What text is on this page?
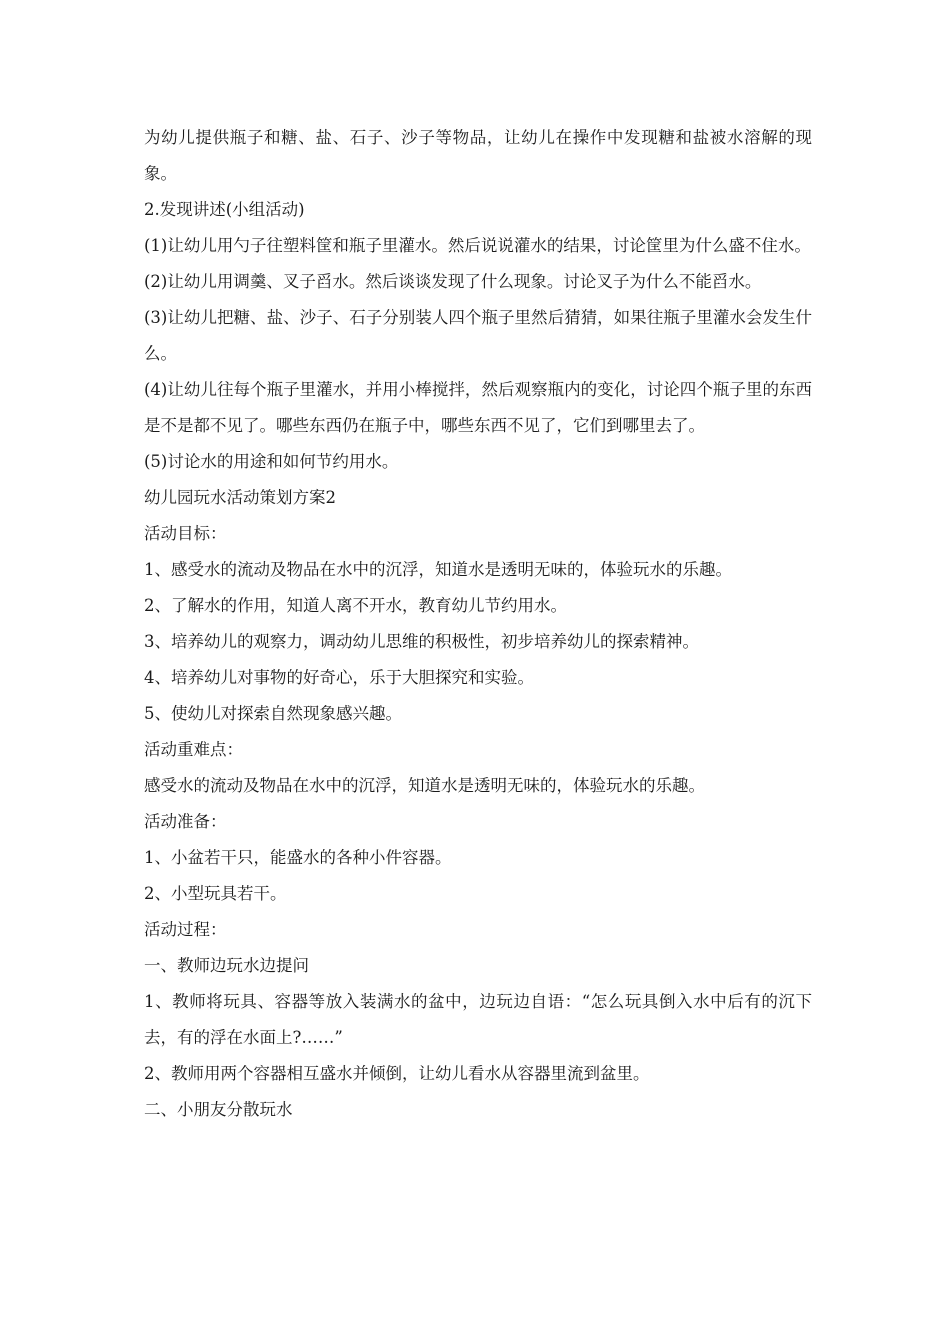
为幼儿提供瓶子和糖、盐、石子、沙子等物品，让幼儿在操作中发现糖和盐被水溶解的现象。

2.发现讲述(小组活动)

(1)让幼儿用勺子往塑料筐和瓶子里灌水。然后说说灌水的结果，讨论筐里为什么盛不住水。

(2)让幼儿用调羹、叉子舀水。然后谈谈发现了什么现象。讨论叉子为什么不能舀水。

(3)让幼儿把糖、盐、沙子、石子分别装人四个瓶子里然后猜猜，如果往瓶子里灌水会发生什么。

(4)让幼儿往每个瓶子里灌水，并用小棒搅拌，然后观察瓶内的变化，讨论四个瓶子里的东西是不是都不见了。哪些东西仍在瓶子中，哪些东西不见了，它们到哪里去了。

(5)讨论水的用途和如何节约用水。

幼儿园玩水活动策划方案2

活动目标：

1、感受水的流动及物品在水中的沉浮，知道水是透明无味的，体验玩水的乐趣。

2、了解水的作用，知道人离不开水，教育幼儿节约用水。

3、培养幼儿的观察力，调动幼儿思维的积极性，初步培养幼儿的探索精神。

4、培养幼儿对事物的好奇心，乐于大胆探究和实验。

5、使幼儿对探索自然现象感兴趣。

活动重难点：

感受水的流动及物品在水中的沉浮，知道水是透明无味的，体验玩水的乐趣。

活动准备：

1、小盆若干只，能盛水的各种小件容器。

2、小型玩具若干。

活动过程：

一、教师边玩水边提问

1、教师将玩具、容器等放入装满水的盆中，边玩边自语：“怎么玩具倒入水中后有的沉下去，有的浮在水面上?……”

2、教师用两个容器相互盛水并倾倒，让幼儿看水从容器里流到盆里。

二、小朋友分散玩水
